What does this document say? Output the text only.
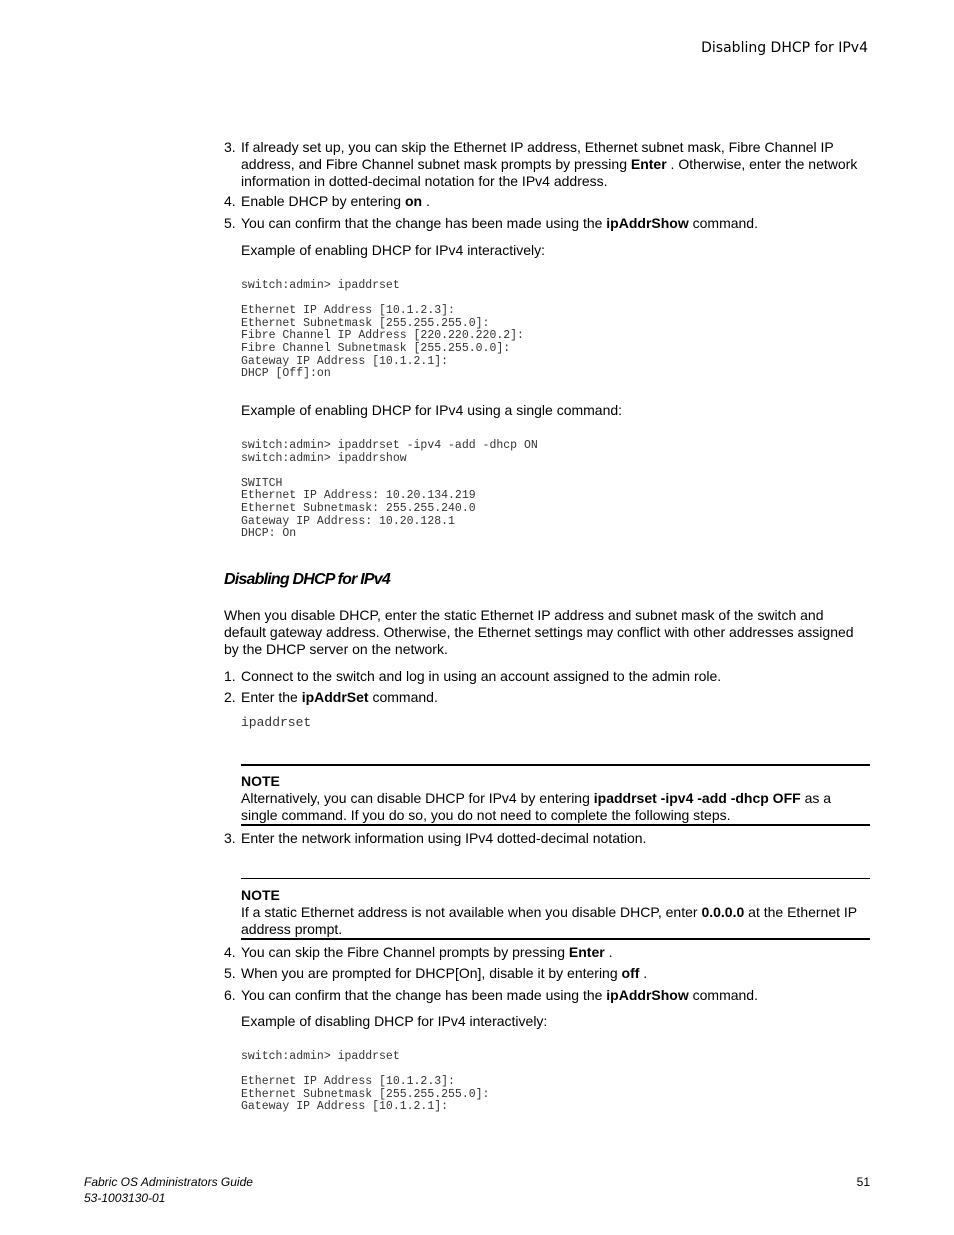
Disabling DHCP for IPv4

3. If already set up, you can skip the Ethernet IP address, Ethernet subnet mask, Fibre Channel IP address, and Fibre Channel subnet mask prompts by pressing Enter . Otherwise, enter the network information in dotted-decimal notation for the IPv4 address.

4. Enable DHCP by entering on .

5. You can confirm that the change has been made using the ipAddrShow command.

Example of enabling DHCP for IPv4 interactively:
switch:admin> ipaddrset

Ethernet IP Address [10.1.2.3]:
Ethernet Subnetmask [255.255.255.0]:
Fibre Channel IP Address [220.220.220.2]:
Fibre Channel Subnetmask [255.255.0.0]:
Gateway IP Address [10.1.2.1]:
DHCP [Off]:on
Example of enabling DHCP for IPv4 using a single command:
switch:admin> ipaddrset -ipv4 -add -dhcp ON
switch:admin> ipaddrshow

SWITCH
Ethernet IP Address: 10.20.134.219
Ethernet Subnetmask: 255.255.240.0
Gateway IP Address: 10.20.128.1
DHCP: On
Disabling DHCP for IPv4
When you disable DHCP, enter the static Ethernet IP address and subnet mask of the switch and default gateway address. Otherwise, the Ethernet settings may conflict with other addresses assigned by the DHCP server on the network.

1. Connect to the switch and log in using an account assigned to the admin role.

2. Enter the ipAddrSet command.

ipaddrset
NOTE
Alternatively, you can disable DHCP for IPv4 by entering ipaddrset -ipv4 -add -dhcp OFF as a single command. If you do so, you do not need to complete the following steps.

3. Enter the network information using IPv4 dotted-decimal notation.

NOTE
If a static Ethernet address is not available when you disable DHCP, enter 0.0.0.0 at the Ethernet IP address prompt.

4. You can skip the Fibre Channel prompts by pressing Enter .

5. When you are prompted for DHCP[On], disable it by entering off .

6. You can confirm that the change has been made using the ipAddrShow command.

Example of disabling DHCP for IPv4 interactively:
switch:admin> ipaddrset

Ethernet IP Address [10.1.2.3]:
Ethernet Subnetmask [255.255.255.0]:
Gateway IP Address [10.1.2.1]:
Fabric OS Administrators Guide
53-1003130-01
51
